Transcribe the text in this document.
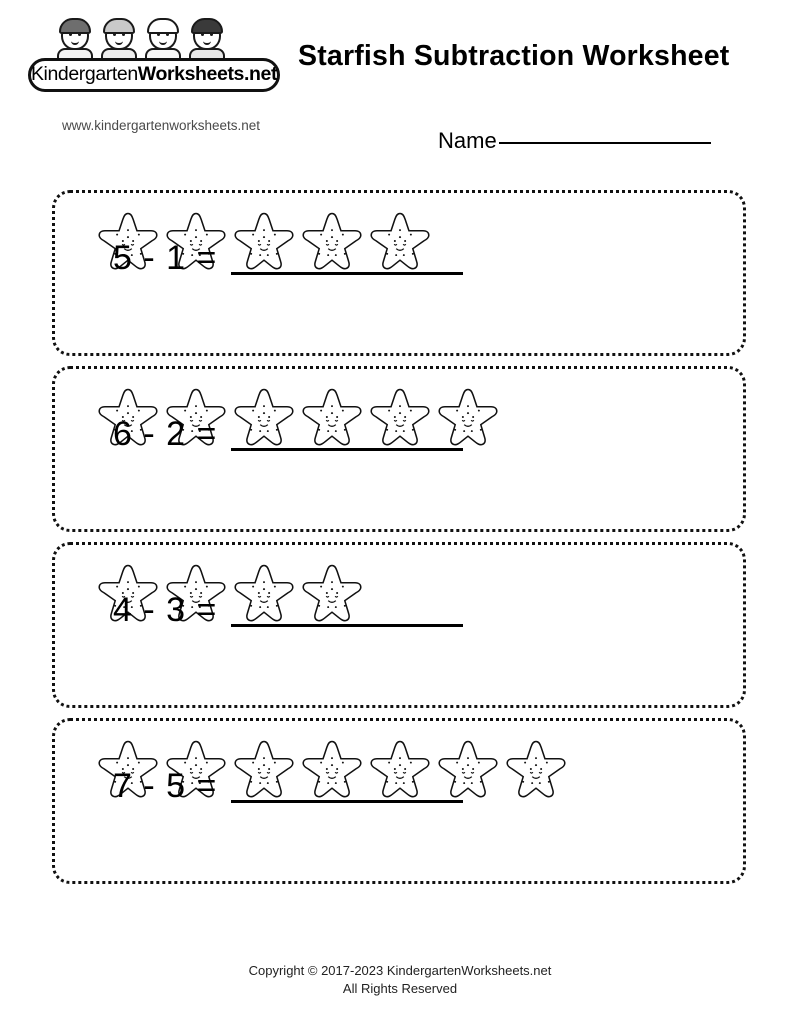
KindergartenWorksheets.net
www.kindergartenworksheets.net
Starfish Subtraction Worksheet
Name
5 - 1 =
6 - 2 =
4 - 3 =
7 - 5 =
Copyright © 2017-2023 KindergartenWorksheets.net
All Rights Reserved
